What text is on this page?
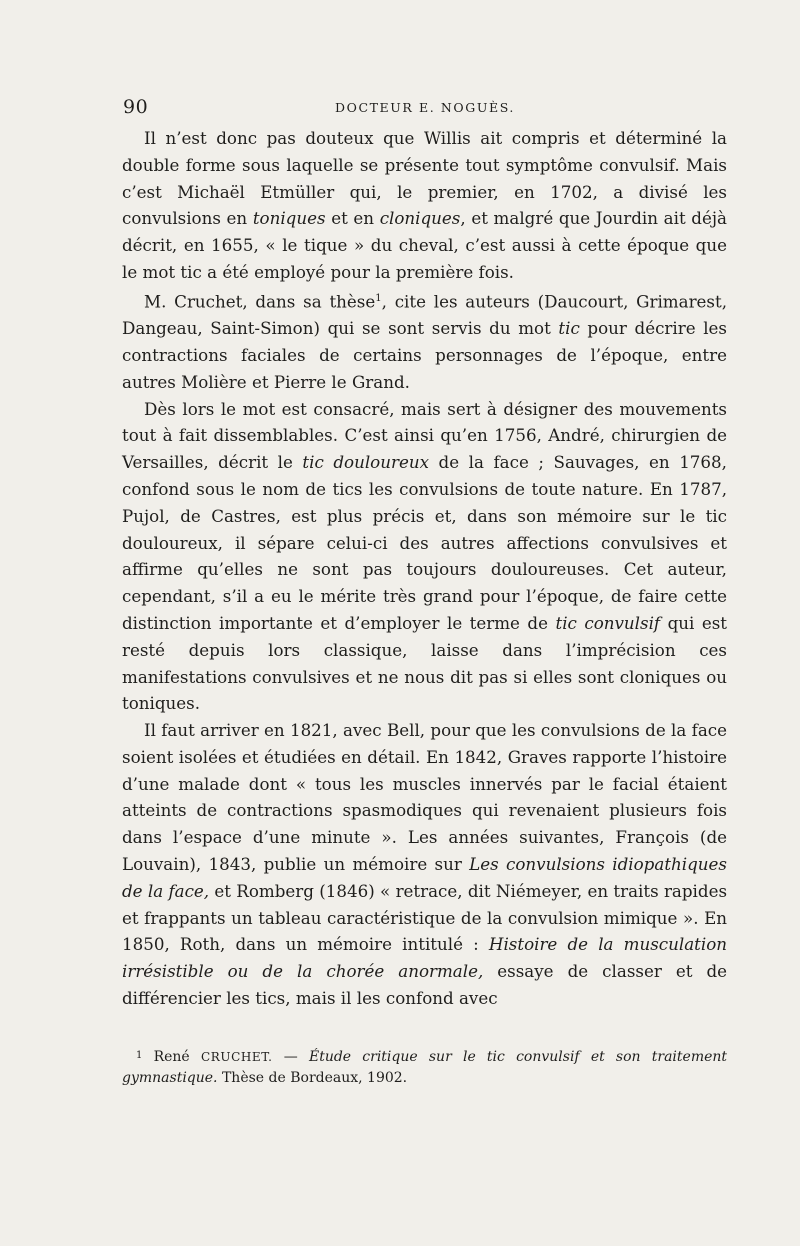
90	DOCTEUR E. NOGUÈS.

Il n’est donc pas douteux que Willis ait compris et déterminé la double forme sous laquelle se présente tout symptôme convulsif. Mais c’est Michaël Etmüller qui, le premier, en 1702, a divisé les convulsions en toniques et en cloniques, et malgré que Jourdin ait déjà décrit, en 1655, « le tique » du cheval, c’est aussi à cette époque que le mot tic a été employé pour la première fois.

M. Cruchet, dans sa thèse$^1$, cite les auteurs (Daucourt, Grimarest, Dangeau, Saint-Simon) qui se sont servis du mot tic pour décrire les contractions faciales de certains personnages de l’époque, entre autres Molière et Pierre le Grand.

Dès lors le mot est consacré, mais sert à désigner des mouvements tout à fait dissemblables. C’est ainsi qu’en 1756, André, chirurgien de Versailles, décrit le tic douloureux de la face ; Sauvages, en 1768, confond sous le nom de tics les convulsions de toute nature. En 1787, Pujol, de Castres, est plus précis et, dans son mémoire sur le tic douloureux, il sépare celui-ci des autres affections convulsives et affirme qu’elles ne sont pas toujours douloureuses. Cet auteur, cependant, s’il a eu le mérite très grand pour l’époque, de faire cette distinction importante et d’employer le terme de tic convulsif qui est resté depuis lors classique, laisse dans l’imprécision ces manifestations convulsives et ne nous dit pas si elles sont cloniques ou toniques.

Il faut arriver en 1821, avec Bell, pour que les convulsions de la face soient isolées et étudiées en détail. En 1842, Graves rapporte l’histoire d’une malade dont « tous les muscles innervés par le facial étaient atteints de contractions spasmodiques qui revenaient plusieurs fois dans l’espace d’une minute ». Les années suivantes, François (de Louvain), 1843, publie un mémoire sur Les convulsions idiopathiques de la face, et Romberg (1846) « retrace, dit Niémeyer, en traits rapides et frappants un tableau caractéristique de la convulsion mimique ». En 1850, Roth, dans un mémoire intitulé : Histoire de la musculation irrésistible ou de la chorée anormale, essaye de classer et de différencier les tics, mais il les confond avec

$^1$ René CRUCHET. — Étude critique sur le tic convulsif et son traitement gymnastique. Thèse de Bordeaux, 1902.
